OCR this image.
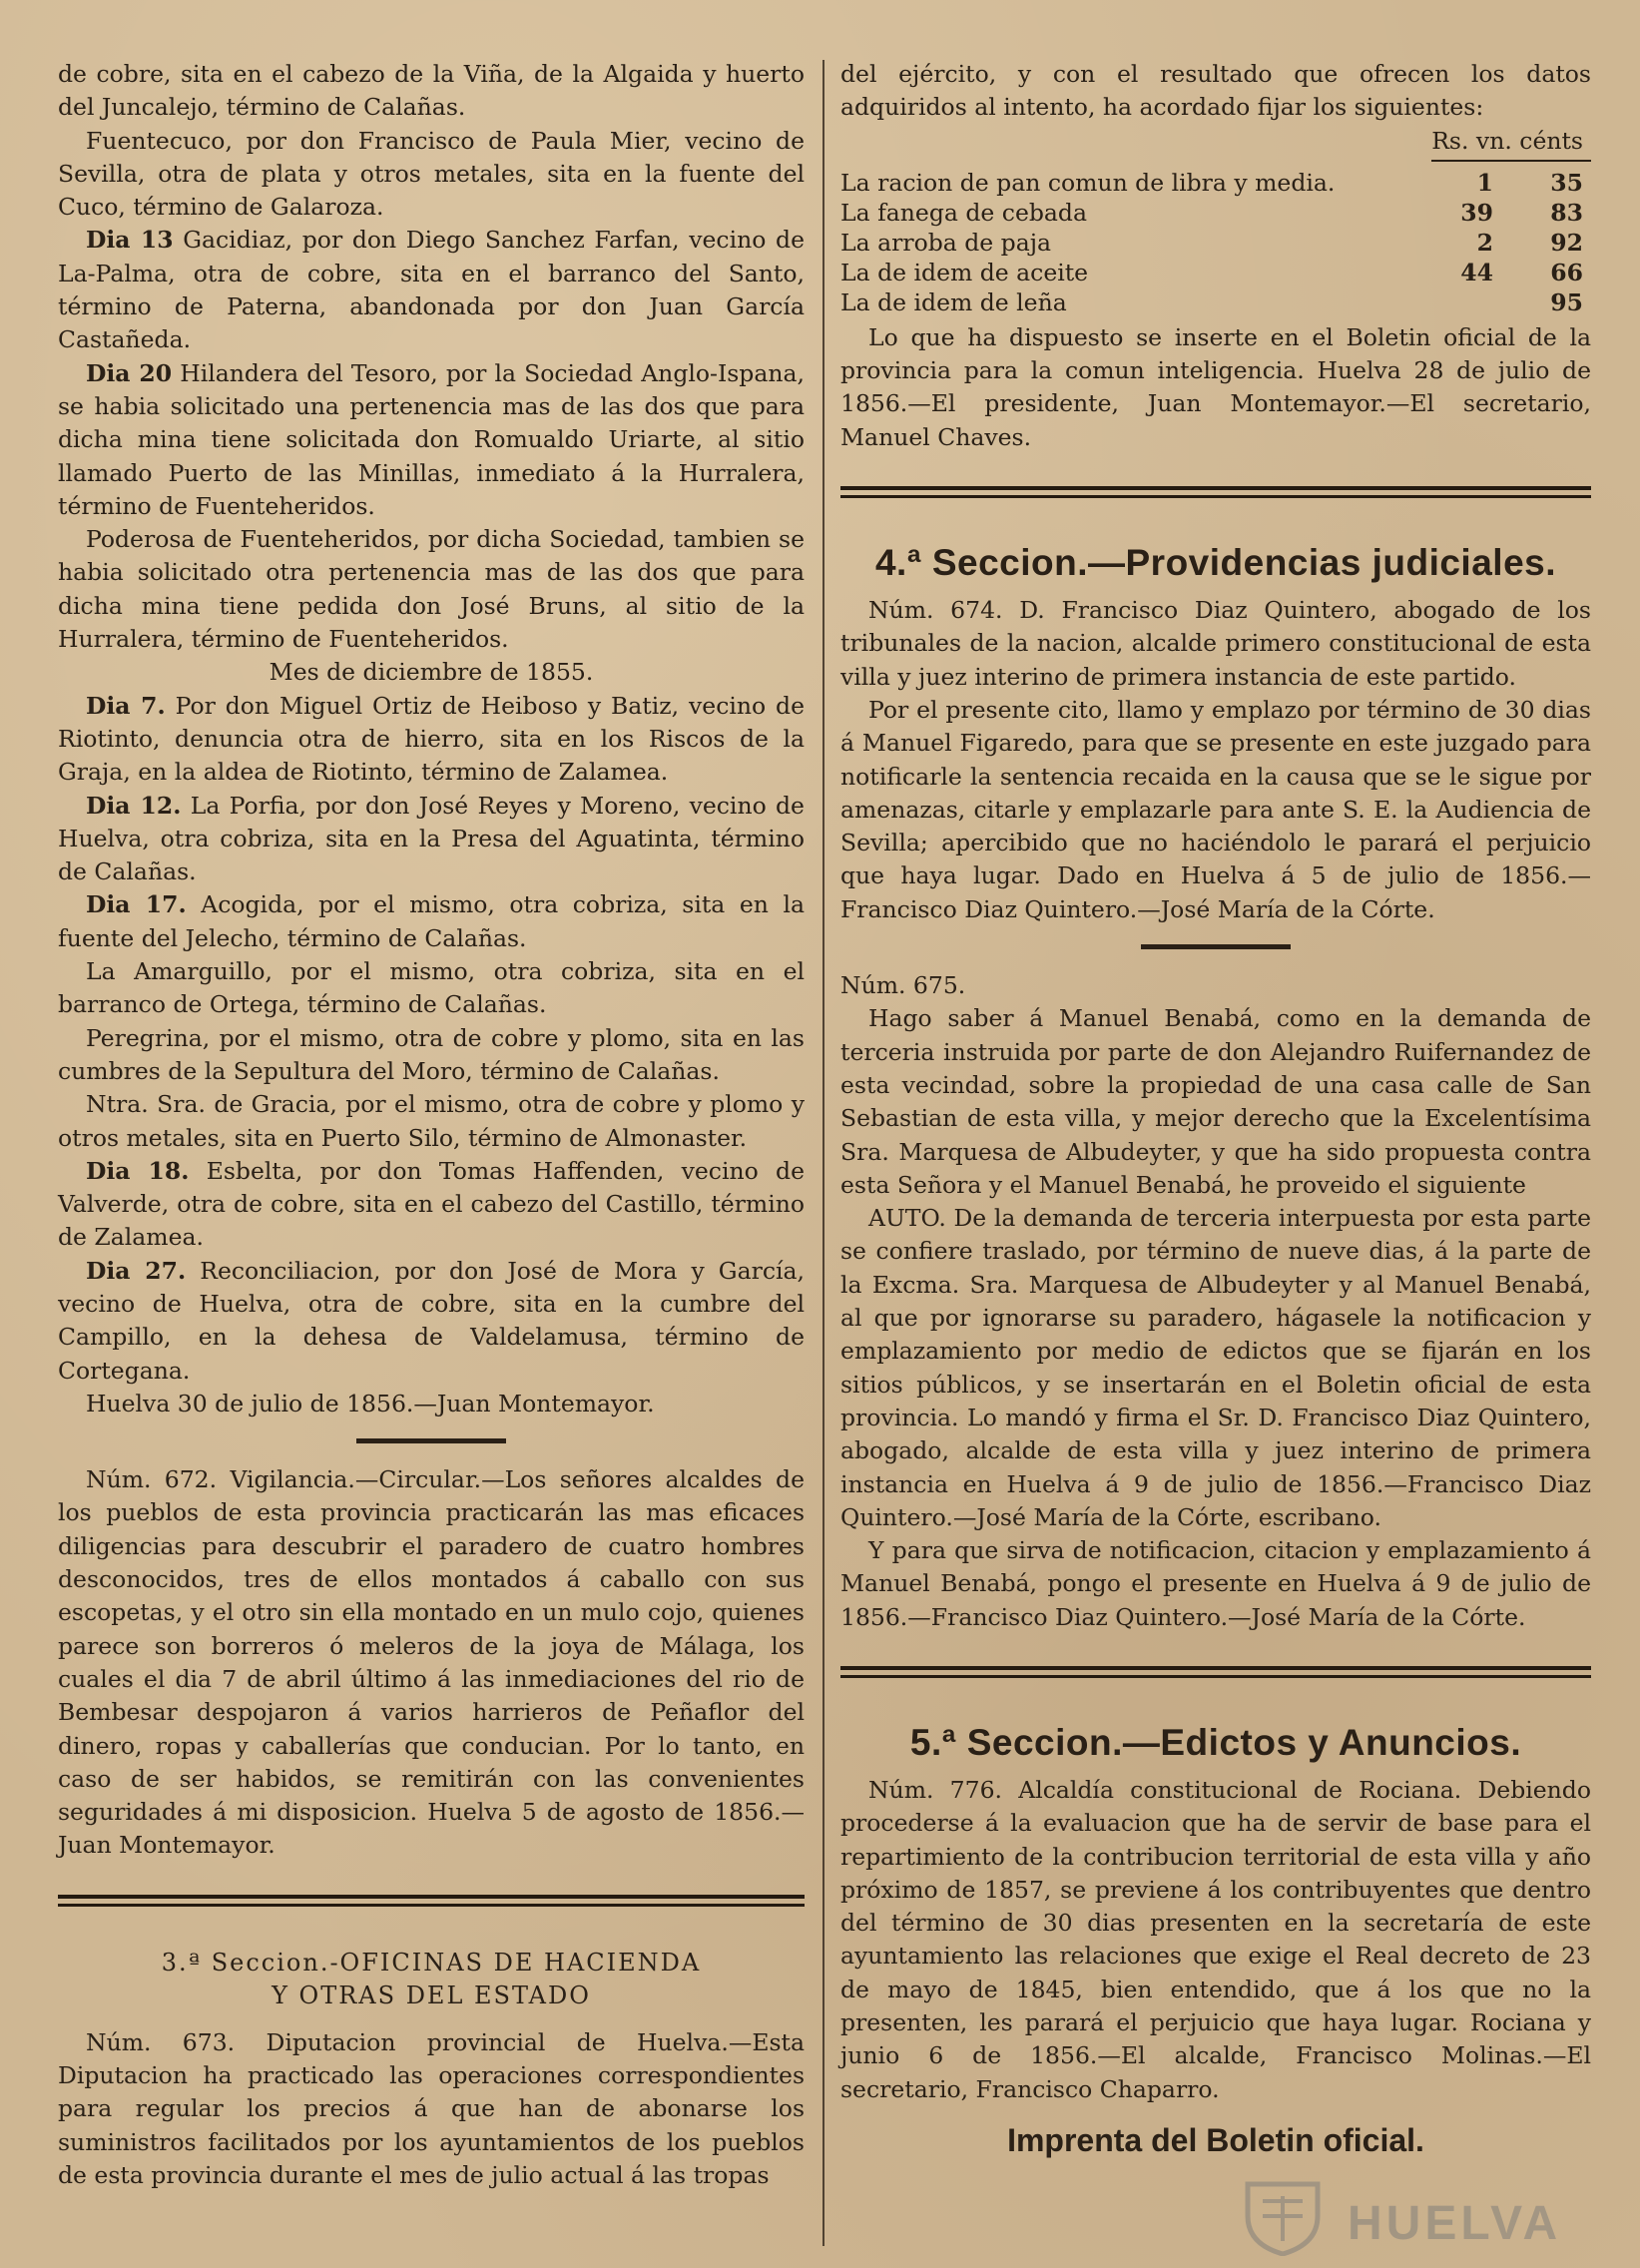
de cobre, sita en el cabezo de la Viña, de la Algaida y huerto del Juncalejo, término de Calañas.

Fuentecuco, por don Francisco de Paula Mier, vecino de Sevilla, otra de plata y otros metales, sita en la fuente del Cuco, término de Galaroza.

Dia 13 Gacidiaz, por don Diego Sanchez Farfan, vecino de La-Palma, otra de cobre, sita en el barranco del Santo, término de Paterna, abandonada por don Juan García Castañeda.

Dia 20 Hilandera del Tesoro, por la Sociedad Anglo-Ispana, se habia solicitado una pertenencia mas de las dos que para dicha mina tiene solicitada don Romualdo Uriarte, al sitio llamado Puerto de las Minillas, inmediato á la Hurralera, término de Fuenteheridos.

Poderosa de Fuenteheridos, por dicha Sociedad, tambien se habia solicitado otra pertenencia mas de las dos que para dicha mina tiene pedida don José Bruns, al sitio de la Hurralera, término de Fuenteheridos.

Mes de diciembre de 1855.

Dia 7. Por don Miguel Ortiz de Heiboso y Batiz, vecino de Riotinto, denuncia otra de hierro, sita en los Riscos de la Graja, en la aldea de Riotinto, término de Zalamea.

Dia 12. La Porfia, por don José Reyes y Moreno, vecino de Huelva, otra cobriza, sita en la Presa del Aguatinta, término de Calañas.

Dia 17. Acogida, por el mismo, otra cobriza, sita en la fuente del Jelecho, término de Calañas.

La Amarguillo, por el mismo, otra cobriza, sita en el barranco de Ortega, término de Calañas.

Peregrina, por el mismo, otra de cobre y plomo, sita en las cumbres de la Sepultura del Moro, término de Calañas.

Ntra. Sra. de Gracia, por el mismo, otra de cobre y plomo y otros metales, sita en Puerto Silo, término de Almonaster.

Dia 18. Esbelta, por don Tomas Haffenden, vecino de Valverde, otra de cobre, sita en el cabezo del Castillo, término de Zalamea.

Dia 27. Reconciliacion, por don José de Mora y García, vecino de Huelva, otra de cobre, sita en la cumbre del Campillo, en la dehesa de Valdelamusa, término de Cortegana.

Huelva 30 de julio de 1856.—Juan Montemayor.

Núm. 672. Vigilancia.—Circular.—Los señores alcaldes de los pueblos de esta provincia practicarán las mas eficaces diligencias para descubrir el paradero de cuatro hombres desconocidos, tres de ellos montados á caballo con sus escopetas, y el otro sin ella montado en un mulo cojo, quienes parece son borreros ó meleros de la joya de Málaga, los cuales el dia 7 de abril último á las inmediaciones del rio de Bembesar despojaron á varios harrieros de Peñaflor del dinero, ropas y caballerías que conducian. Por lo tanto, en caso de ser habidos, se remitirán con las convenientes seguridades á mi disposicion. Huelva 5 de agosto de 1856.—Juan Montemayor.

3.ª Seccion.-OFICINAS DE HACIENDA

Y OTRAS DEL ESTADO

Núm. 673. Diputacion provincial de Huelva.—Esta Diputacion ha practicado las operaciones correspondientes para regular los precios á que han de abonarse los suministros facilitados por los ayuntamientos de los pueblos de esta provincia durante el mes de julio actual á las tropas

del ejército, y con el resultado que ofrecen los datos adquiridos al intento, ha acordado fijar los siguientes:

Rs. vn. cénts
La racion de pan comun de libra y media.	1	35
La fanega de cebada	39	83
La arroba de paja	2	92
La de idem de aceite	44	66
La de idem de leña		95

Lo que ha dispuesto se inserte en el Boletin oficial de la provincia para la comun inteligencia. Huelva 28 de julio de 1856.—El presidente, Juan Montemayor.—El secretario, Manuel Chaves.

4.ª Seccion.—Providencias judiciales.

Núm. 674. D. Francisco Diaz Quintero, abogado de los tribunales de la nacion, alcalde primero constitucional de esta villa y juez interino de primera instancia de este partido.

Por el presente cito, llamo y emplazo por término de 30 dias á Manuel Figaredo, para que se presente en este juzgado para notificarle la sentencia recaida en la causa que se le sigue por amenazas, citarle y emplazarle para ante S. E. la Audiencia de Sevilla; apercibido que no haciéndolo le parará el perjuicio que haya lugar. Dado en Huelva á 5 de julio de 1856.—Francisco Diaz Quintero.—José María de la Córte.

Núm. 675.

Hago saber á Manuel Benabá, como en la demanda de terceria instruida por parte de don Alejandro Ruifernandez de esta vecindad, sobre la propiedad de una casa calle de San Sebastian de esta villa, y mejor derecho que la Excelentísima Sra. Marquesa de Albudeyter, y que ha sido propuesta contra esta Señora y el Manuel Benabá, he proveido el siguiente

AUTO. De la demanda de terceria interpuesta por esta parte se confiere traslado, por término de nueve dias, á la parte de la Excma. Sra. Marquesa de Albudeyter y al Manuel Benabá, al que por ignorarse su paradero, hágasele la notificacion y emplazamiento por medio de edictos que se fijarán en los sitios públicos, y se insertarán en el Boletin oficial de esta provincia. Lo mandó y firma el Sr. D. Francisco Diaz Quintero, abogado, alcalde de esta villa y juez interino de primera instancia en Huelva á 9 de julio de 1856.—Francisco Diaz Quintero.—José María de la Córte, escribano.

Y para que sirva de notificacion, citacion y emplazamiento á Manuel Benabá, pongo el presente en Huelva á 9 de julio de 1856.—Francisco Diaz Quintero.—José María de la Córte.

5.ª Seccion.—Edictos y Anuncios.

Núm. 776. Alcaldía constitucional de Rociana. Debiendo procederse á la evaluacion que ha de servir de base para el repartimiento de la contribucion territorial de esta villa y año próximo de 1857, se previene á los contribuyentes que dentro del término de 30 dias presenten en la secretaría de este ayuntamiento las relaciones que exige el Real decreto de 23 de mayo de 1845, bien entendido, que á los que no la presenten, les parará el perjuicio que haya lugar. Rociana y junio 6 de 1856.—El alcalde, Francisco Molinas.—El secretario, Francisco Chaparro.

Imprenta del Boletin oficial.

HUELVA
